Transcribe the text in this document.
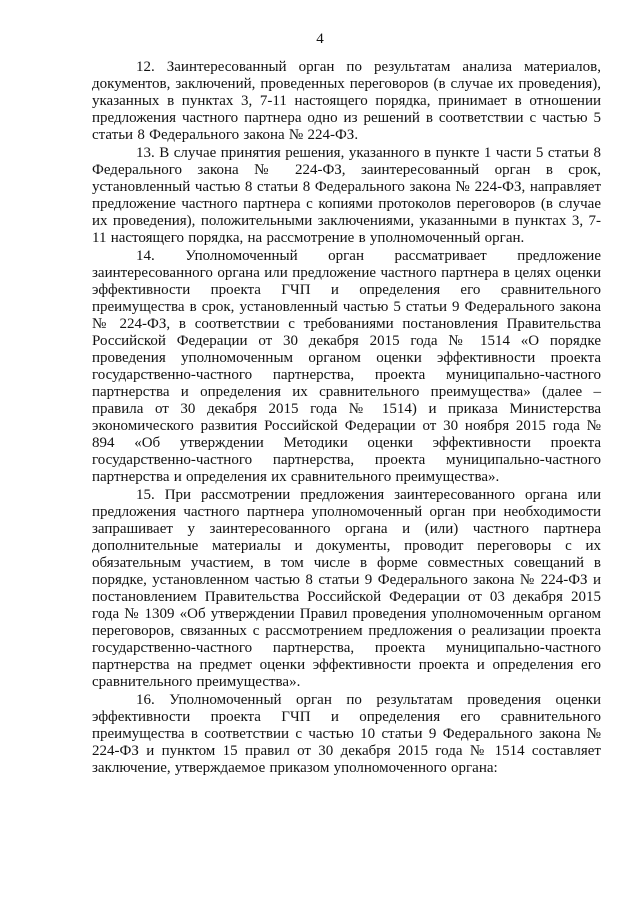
4

12. Заинтересованный орган по результатам анализа материалов, документов, заключений, проведенных переговоров (в случае их проведения), указанных в пунктах 3, 7-11 настоящего порядка, принимает в отношении предложения частного партнера одно из решений в соответствии с частью 5 статьи 8 Федерального закона № 224-ФЗ.

13. В случае принятия решения, указанного в пункте 1 части 5 статьи 8 Федерального закона № 224-ФЗ, заинтересованный орган в срок, установленный частью 8 статьи 8 Федерального закона № 224-ФЗ, направляет предложение частного партнера с копиями протоколов переговоров (в случае их проведения), положительными заключениями, указанными в пунктах 3, 7-11 настоящего порядка, на рассмотрение в уполномоченный орган.

14. Уполномоченный орган рассматривает предложение заинтересованного органа или предложение частного партнера в целях оценки эффективности проекта ГЧП и определения его сравнительного преимущества в срок, установленный частью 5 статьи 9 Федерального закона № 224-ФЗ, в соответствии с требованиями постановления Правительства Российской Федерации от 30 декабря 2015 года № 1514 «О порядке проведения уполномоченным органом оценки эффективности проекта государственно-частного партнерства, проекта муниципально-частного партнерства и определения их сравнительного преимущества» (далее – правила от 30 декабря 2015 года № 1514) и приказа Министерства экономического развития Российской Федерации от 30 ноября 2015 года № 894 «Об утверждении Методики оценки эффективности проекта государственно-частного партнерства, проекта муниципально-частного партнерства и определения их сравнительного преимущества».

15. При рассмотрении предложения заинтересованного органа или предложения частного партнера уполномоченный орган при необходимости запрашивает у заинтересованного органа и (или) частного партнера дополнительные материалы и документы, проводит переговоры с их обязательным участием, в том числе в форме совместных совещаний в порядке, установленном частью 8 статьи 9 Федерального закона № 224-ФЗ и постановлением Правительства Российской Федерации от 03 декабря 2015 года № 1309 «Об утверждении Правил проведения уполномоченным органом переговоров, связанных с рассмотрением предложения о реализации проекта государственно-частного партнерства, проекта муниципально-частного партнерства на предмет оценки эффективности проекта и определения его сравнительного преимущества».

16. Уполномоченный орган по результатам проведения оценки эффективности проекта ГЧП и определения его сравнительного преимущества в соответствии с частью 10 статьи 9 Федерального закона № 224-ФЗ и пунктом 15 правил от 30 декабря 2015 года № 1514 составляет заключение, утверждаемое приказом уполномоченного органа:
